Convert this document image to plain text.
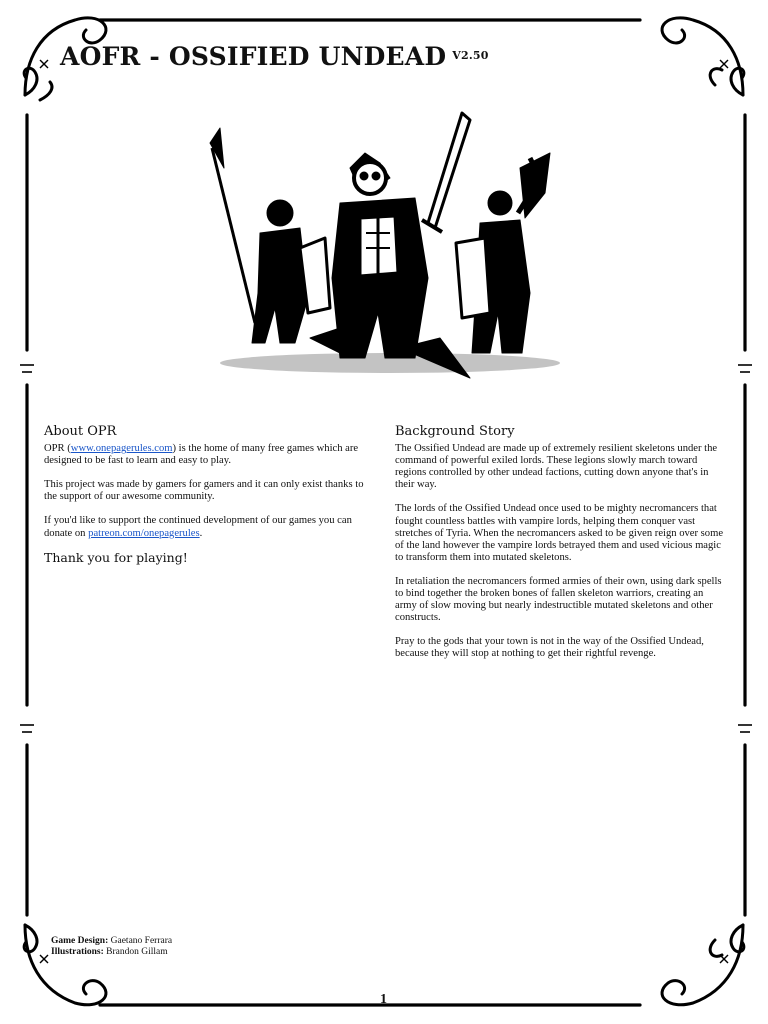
AOFR - OSSIFIED UNDEAD $^{V2.50}$
About OPR

OPR (www.onepagerules.com) is the home of many free games which are designed to be fast to learn and easy to play.

This project was made by gamers for gamers and it can only exist thanks to the support of our awesome community.

If you'd like to support the continued development of our games you can donate on patreon.com/onepagerules.

Thank you for playing!
Background Story

The Ossified Undead are made up of extremely resilient skeletons under the command of powerful exiled lords. These legions slowly march toward regions controlled by other undead factions, cutting down anyone that's in their way.

The lords of the Ossified Undead once used to be mighty necromancers that fought countless battles with vampire lords, helping them conquer vast stretches of Tyria. When the necromancers asked to be given reign over some of the land however the vampire lords betrayed them and used vicious magic to transform them into mutated skeletons.

In retaliation the necromancers formed armies of their own, using dark spells to bind together the broken bones of fallen skeleton warriors, creating an army of slow moving but nearly indestructible mutated skeletons and other constructs.

Pray to the gods that your town is not in the way of the Ossified Undead, because they will stop at nothing to get their rightful revenge.

Game Design: Gaetano Ferrara
Illustrations: Brandon Gillam
1
